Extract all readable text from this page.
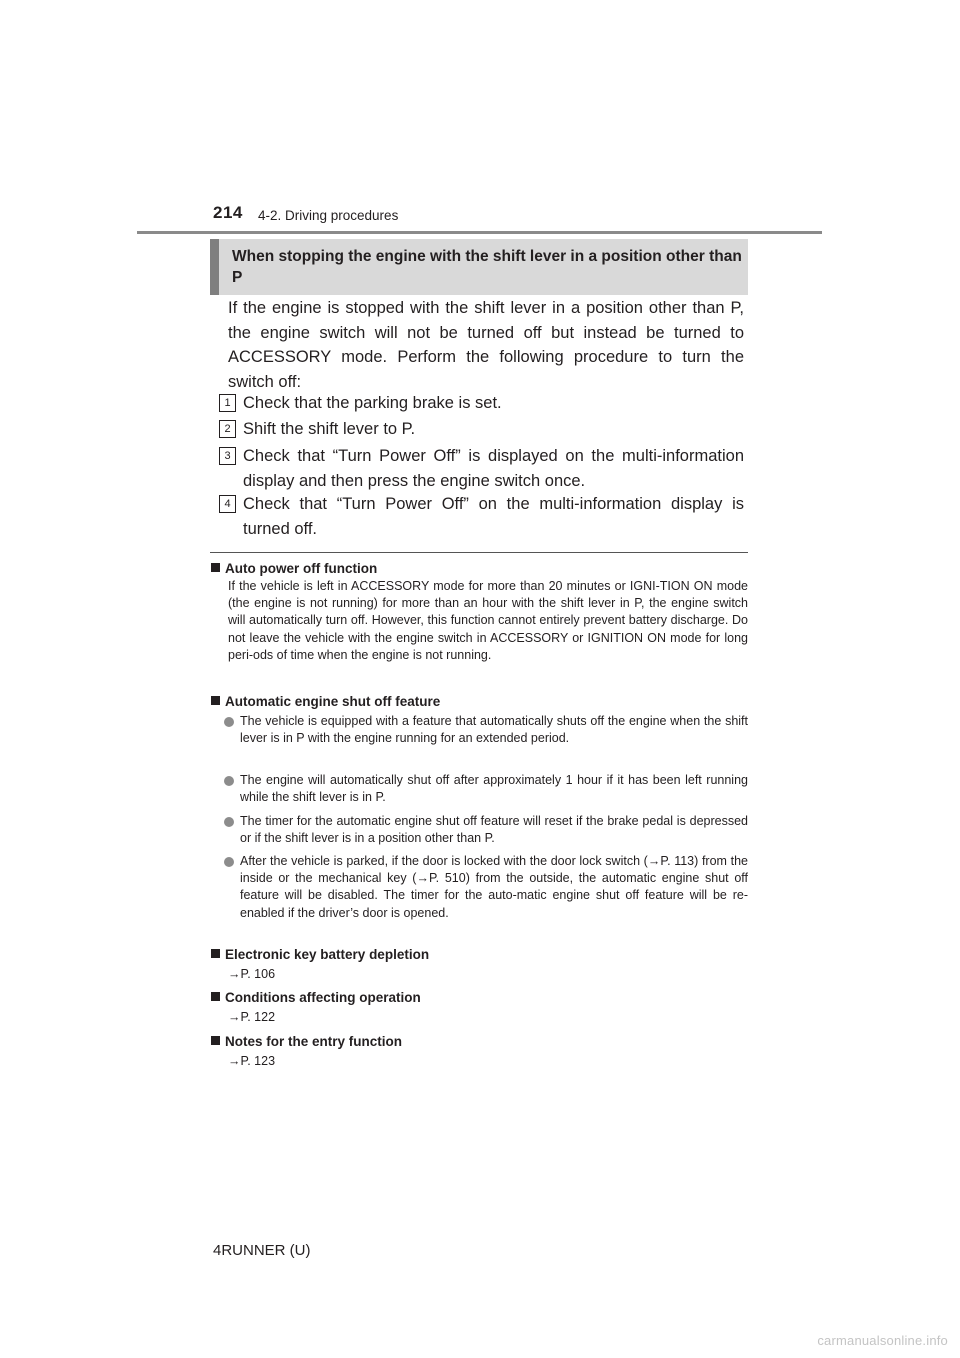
214 4-2. Driving procedures
When stopping the engine with the shift lever in a position other than P
If the engine is stopped with the shift lever in a position other than P, the engine switch will not be turned off but instead be turned to ACCESSORY mode. Perform the following procedure to turn the switch off:
1 Check that the parking brake is set.
2 Shift the shift lever to P.
3 Check that “Turn Power Off” is displayed on the multi-information display and then press the engine switch once.
4 Check that “Turn Power Off” on the multi-information display is turned off.
Auto power off function
If the vehicle is left in ACCESSORY mode for more than 20 minutes or IGNI-TION ON mode (the engine is not running) for more than an hour with the shift lever in P, the engine switch will automatically turn off. However, this function cannot entirely prevent battery discharge. Do not leave the vehicle with the engine switch in ACCESSORY or IGNITION ON mode for long peri-ods of time when the engine is not running.
Automatic engine shut off feature
The vehicle is equipped with a feature that automatically shuts off the engine when the shift lever is in P with the engine running for an extended period.
The engine will automatically shut off after approximately 1 hour if it has been left running while the shift lever is in P.
The timer for the automatic engine shut off feature will reset if the brake pedal is depressed or if the shift lever is in a position other than P.
After the vehicle is parked, if the door is locked with the door lock switch (→P. 113) from the inside or the mechanical key (→P. 510) from the outside, the automatic engine shut off feature will be disabled. The timer for the auto-matic engine shut off feature will be re-enabled if the driver’s door is opened.
Electronic key battery depletion
→P. 106
Conditions affecting operation
→P. 122
Notes for the entry function
→P. 123
4RUNNER (U)
carmanualsonline.info
